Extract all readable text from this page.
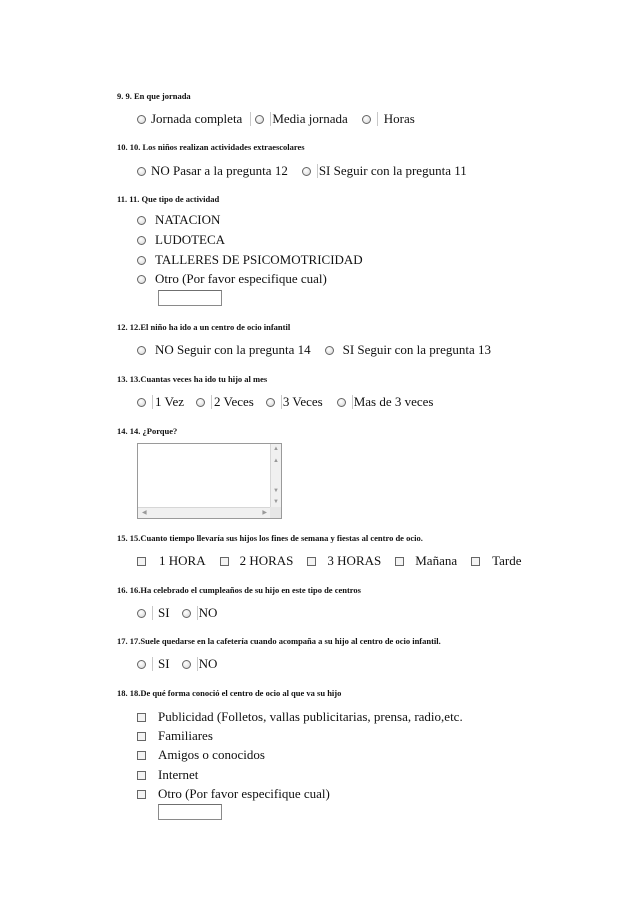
9. 9. En que jornada
Jornada completa Media jornada	Horas
10. 10. Los niños realizan actividades extraescolares
NO Pasar a la pregunta 12 SI Seguir con la pregunta 11
11. 11. Que tipo de actividad
NATACION
LUDOTECA
TALLERES DE PSICOMOTRICIDAD
Otro (Por favor especifique cual)
12. 12.El niño ha ido a un centro de ocio infantil
NO Seguir con la pregunta 14 SI Seguir con la pregunta 13
13. 13.Cuantas veces ha ido tu hijo al mes
1 Vez 2 Veces 3 Veces Mas de 3 veces
14. 14. ¿Porque?
▲
▲
▼
▼
◀	▶
15. 15.Cuanto tiempo llevaría sus hijos los fines de semana y fiestas al centro de ocio.
1 HORA	2 HORAS	3 HORAS	Mañana	Tarde
16. 16.Ha celebrado el cumpleaños de su hijo en este tipo de centros
SI NO
17. 17.Suele quedarse en la cafetería cuando acompaña a su hijo al centro de ocio infantil.
SI NO
18. 18.De qué forma conoció el centro de ocio al que va su hijo
Publicidad (Folletos, vallas publicitarias, prensa, radio,etc.
Familiares
Amigos o conocidos
Internet
Otro (Por favor especifique cual)
